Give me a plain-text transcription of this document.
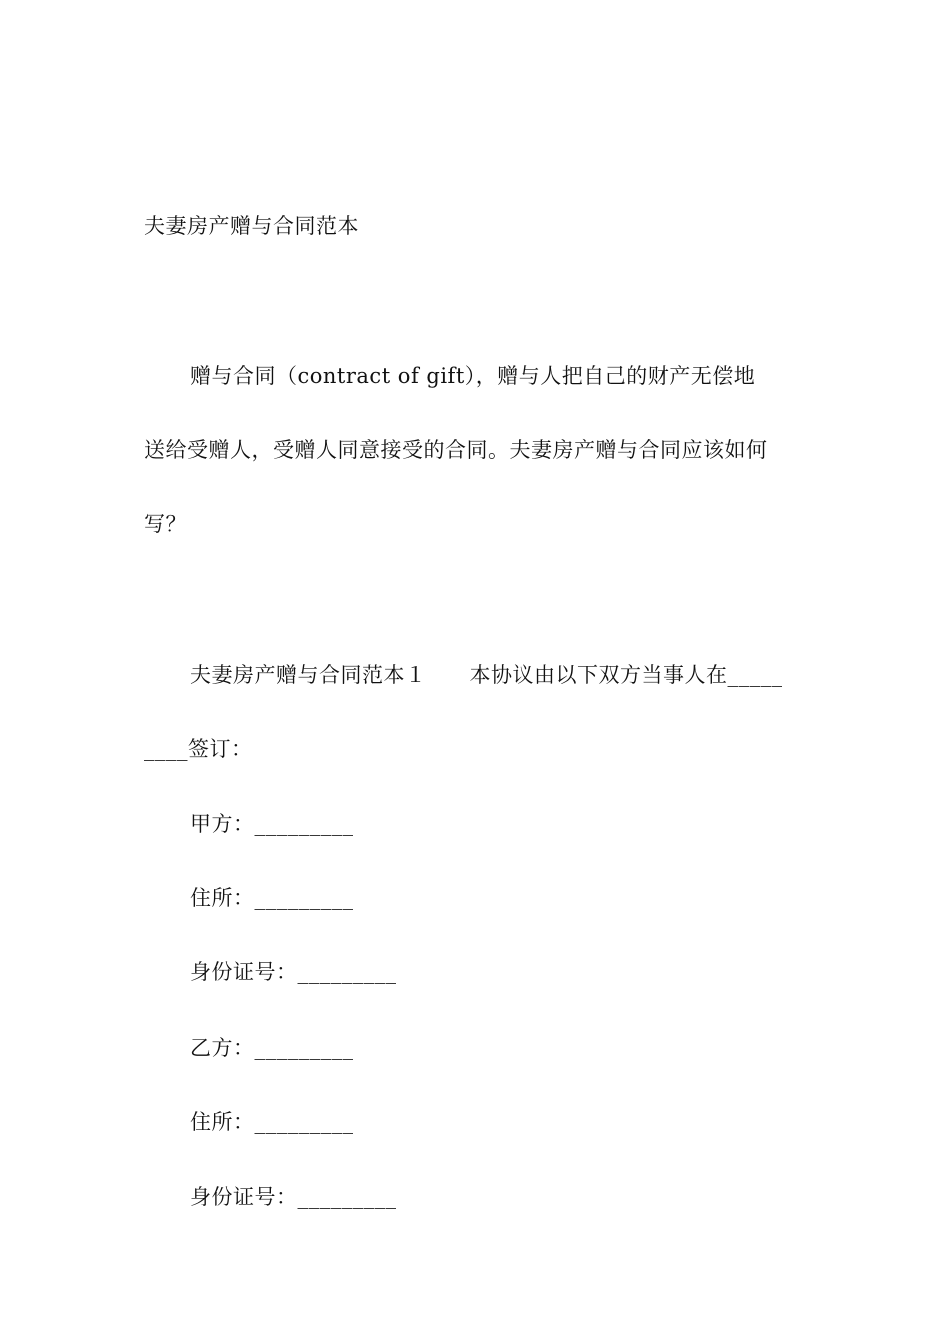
夫妻房产赠与合同范本
赠与合同（contract of gift），赠与人把自己的财产无偿地
送给受赠人，受赠人同意接受的合同。夫妻房产赠与合同应该如何
写？
夫妻房产赠与合同范本１　　本协议由以下双方当事人在_____
____签订：
甲方：_________
住所：_________
身份证号：_________
乙方：_________
住所：_________
身份证号：_________
